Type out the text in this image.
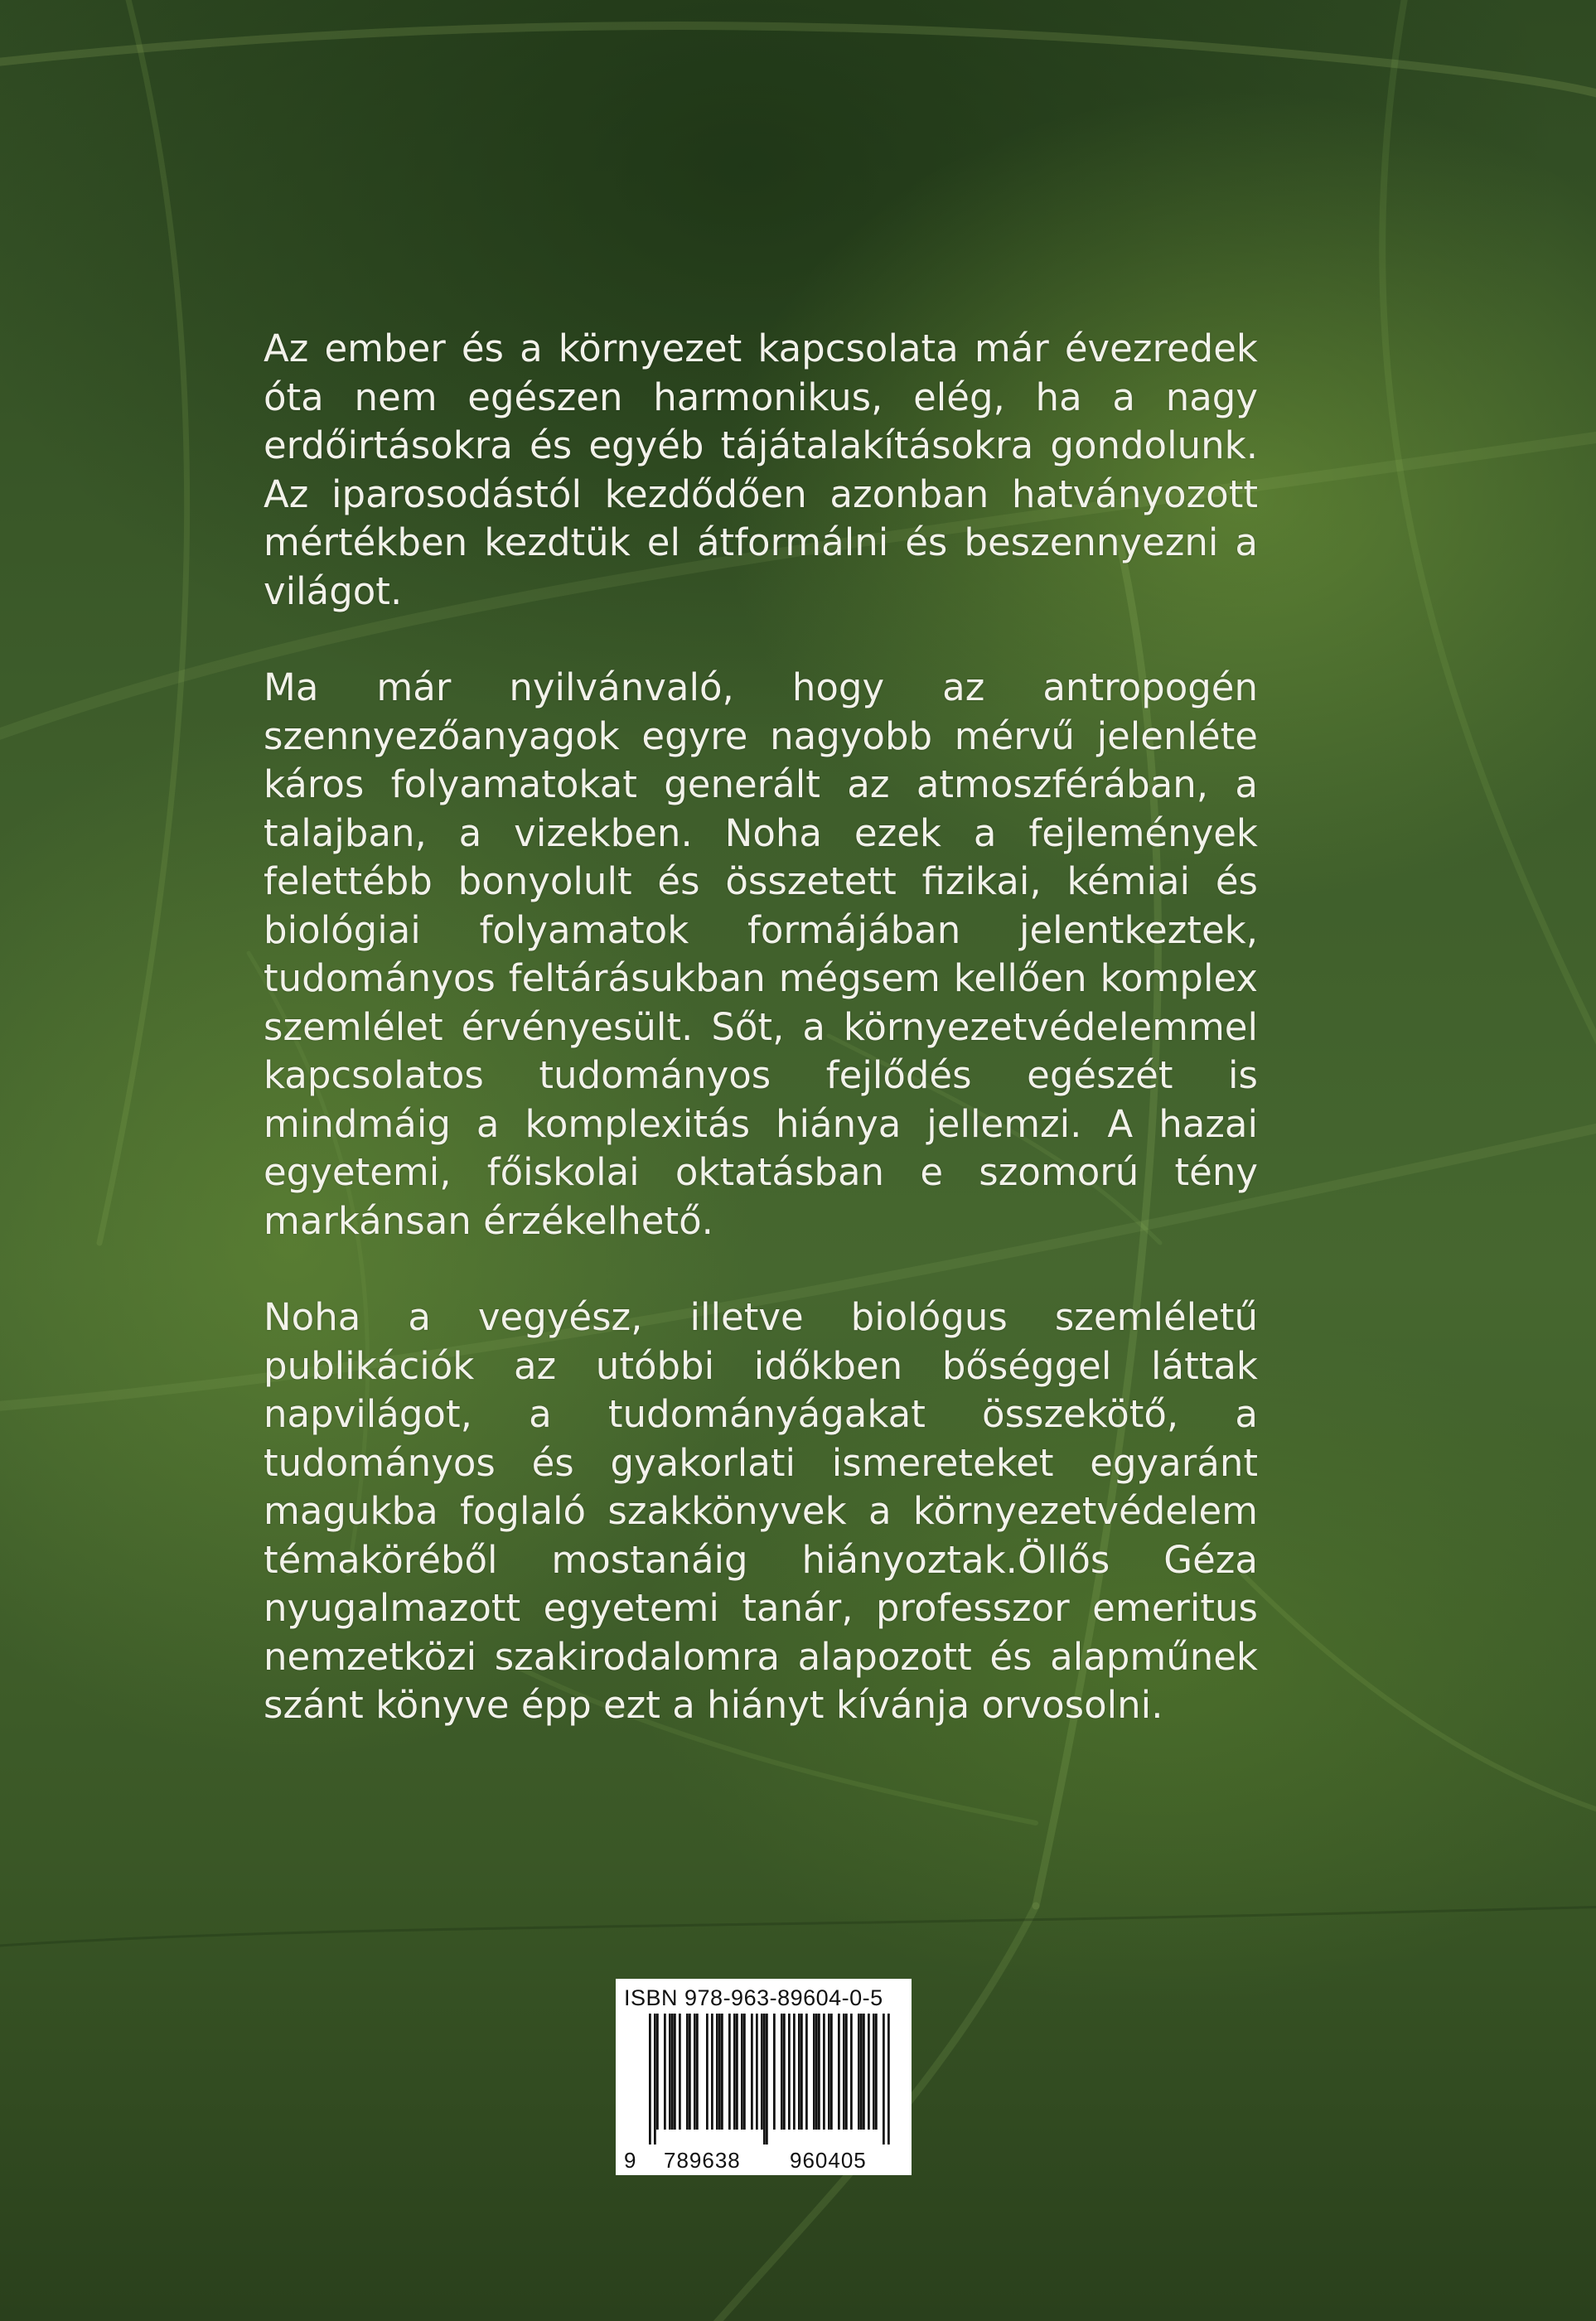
Az ember és a környezet kapcsolata már évezredek óta nem egészen harmonikus, elég, ha a nagy erdőirtásokra és egyéb tájátalakításokra gondolunk. Az iparosodástól kezdődően azonban hatványozott mértékben kezdtük el átformálni és beszennyezni a világot.

Ma már nyilvánvaló, hogy az antropogén szennyezőanyagok egyre nagyobb mérvű jelenléte káros folyamatokat generált az atmoszférában, a talajban, a vizekben. Noha ezek a fejlemények felettébb bonyolult és összetett fizikai, kémiai és biológiai folyamatok formájában jelentkeztek, tudományos feltárásukban mégsem kellően komplex szemlélet érvényesült. Sőt, a környezetvédelemmel kapcsolatos tudományos fejlődés egészét is mindmáig a komplexitás hiánya jellemzi. A hazai egyetemi, főiskolai oktatásban e szomorú tény markánsan érzékelhető.

Noha a vegyész, illetve biológus szemléletű publikációk az utóbbi időkben bőséggel láttak napvilágot, a tudományágakat összekötő, a tudományos és gyakorlati ismereteket egyaránt magukba foglaló szakkönyvek a környezetvédelem témaköréből mostanáig hiányoztak.Öllős Géza nyugalmazott egyetemi tanár, professzor emeritus nemzetközi szakirodalomra alapozott és alapműnek szánt könyve épp ezt a hiányt kívánja orvosolni.

ISBN 978-963-89604-0-5
9 789638 960405
